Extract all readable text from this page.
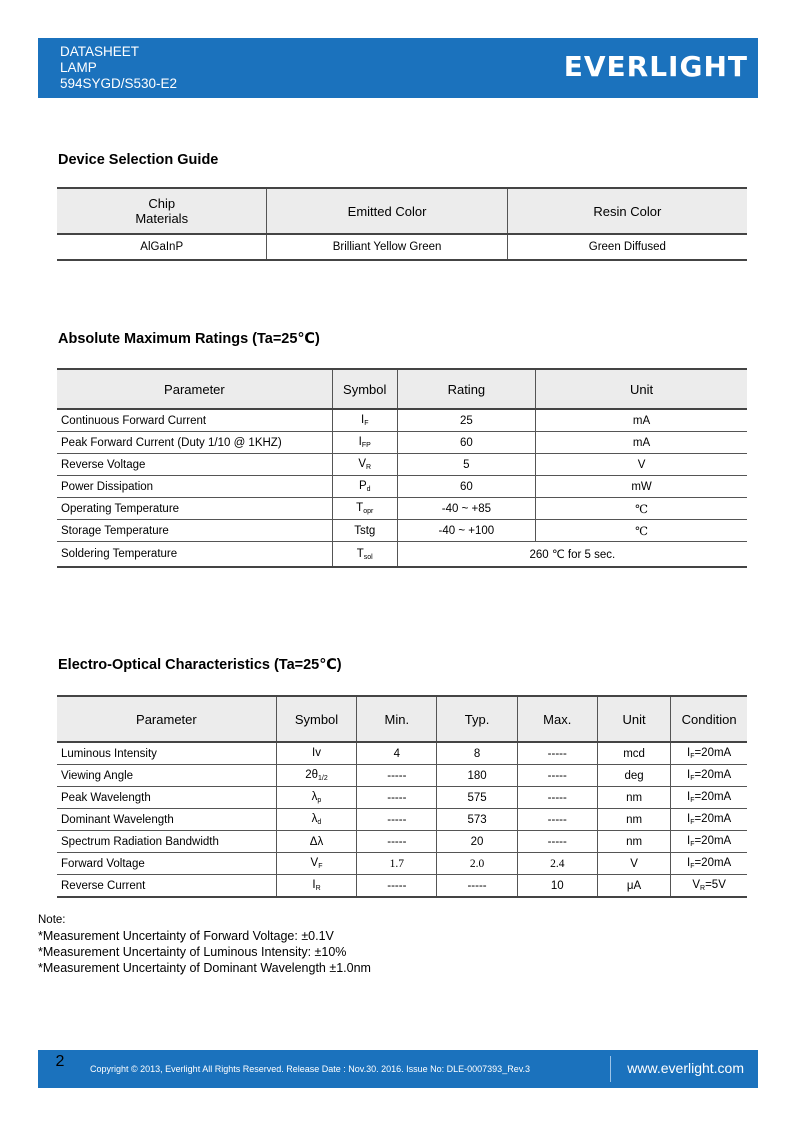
DATASHEET
LAMP
594SYGD/S530-E2
EVERLIGHT
Device Selection Guide
Chip
Materials	Emitted Color	Resin Color
AlGaInP	Brilliant Yellow Green	Green Diffused
Absolute Maximum Ratings (Ta=25℃)
Parameter	Symbol	Rating	Unit
Continuous Forward Current	$I_F$	25	mA
Peak Forward Current (Duty 1/10 @ 1KHZ)	$I_{FP}$	60	mA
Reverse Voltage	$V_R$	5	V
Power Dissipation	$P_d$	60	mW
Operating Temperature	$T_{opr}$	-40 ~ +85	℃
Storage Temperature	Tstg	-40 ~ +100	℃
Soldering Temperature	$T_{sol}$	260 ℃ for 5 sec.	
Electro-Optical Characteristics (Ta=25℃)
Parameter	Symbol	Min.	Typ.	Max.	Unit	Condition
Luminous Intensity	Iv	4	8	-----	mcd	$I_F=20mA$
Viewing Angle	$2\theta_{1/2}$	-----	180	-----	deg	$I_F=20mA$
Peak Wavelength	$\lambda_p$	-----	575	-----	nm	$I_F=20mA$
Dominant Wavelength	$\lambda_d$	-----	573	-----	nm	$I_F=20mA$
Spectrum Radiation Bandwidth	Δλ	-----	20	-----	nm	$I_F=20mA$
Forward Voltage	$V_F$	1.7	2.0	2.4	V	$I_F=20mA$
Reverse Current	$I_R$	-----	-----	10	μA	$V_R=5V$
Note:
*Measurement Uncertainty of Forward Voltage: ±0.1V
*Measurement Uncertainty of Luminous Intensity: ±10%
*Measurement Uncertainty of Dominant Wavelength ±1.0nm
2	Copyright © 2013, Everlight All Rights Reserved. Release Date : Nov.30. 2016. Issue No: DLE-0007393_Rev.3	www.everlight.com
